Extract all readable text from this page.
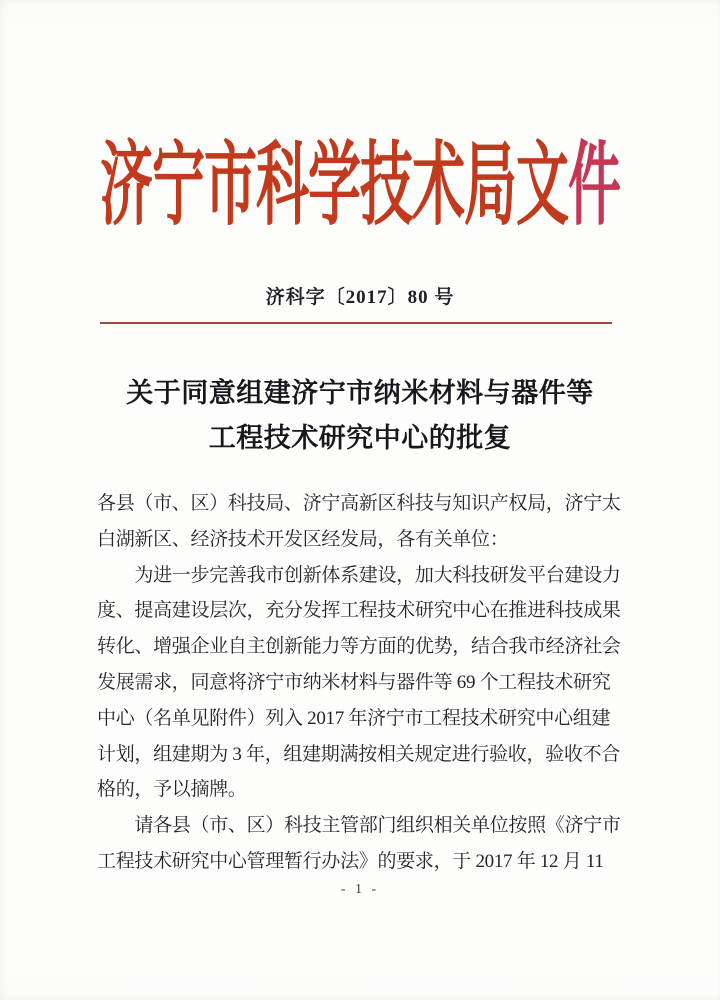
济宁市科学技术局文件
济科字〔2017〕80 号
关于同意组建济宁市纳米材料与器件等
工程技术研究中心的批复
各县（市、区）科技局、济宁高新区科技与知识产权局，济宁太
白湖新区、经济技术开发区经发局，各有关单位：
　　为进一步完善我市创新体系建设，加大科技研发平台建设力
度、提高建设层次，充分发挥工程技术研究中心在推进科技成果
转化、增强企业自主创新能力等方面的优势，结合我市经济社会
发展需求，同意将济宁市纳米材料与器件等 69 个工程技术研究
中心（名单见附件）列入 2017 年济宁市工程技术研究中心组建
计划，组建期为 3 年，组建期满按相关规定进行验收，验收不合
格的，予以摘牌。
　　请各县（市、区）科技主管部门组织相关单位按照《济宁市
工程技术研究中心管理暂行办法》的要求，于 2017 年 12 月 11
- 1 -
